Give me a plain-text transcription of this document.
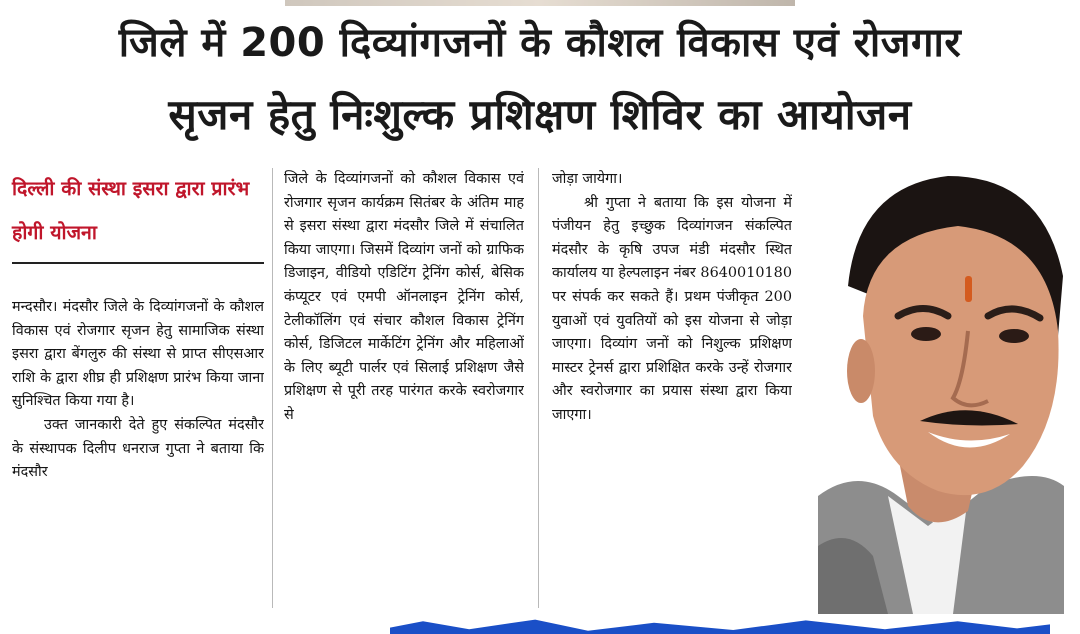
जिले में 200 दिव्यांगजनों के कौशल विकास एवं रोजगार
सृजन हेतु निःशुल्क प्रशिक्षण शिविर का आयोजन
दिल्ली की संस्था इसरा द्वारा प्रारंभ होगी योजना

मन्दसौर। मंदसौर जिले के दिव्यांगजनों के कौशल विकास एवं रोजगार सृजन हेतु सामाजिक संस्था इसरा द्वारा बेंगलुरु की संस्था से प्राप्त सीएसआर राशि के द्वारा शीघ्र ही प्रशिक्षण प्रारंभ किया जाना सुनिश्चित किया गया है।

उक्त जानकारी देते हुए संकल्पित मंदसौर के संस्थापक दिलीप धनराज गुप्ता ने बताया कि मंदसौर

जिले के दिव्यांगजनों को कौशल विकास एवं रोजगार सृजन कार्यक्रम सितंबर के अंतिम माह से इसरा संस्था द्वारा मंदसौर जिले में संचालित किया जाएगा। जिसमें दिव्यांग जनों को ग्राफिक डिजाइन, वीडियो एडिटिंग ट्रेनिंग कोर्स, बेसिक कंप्यूटर एवं एमपी ऑनलाइन ट्रेनिंग कोर्स, टेलीकॉलिंग एवं संचार कौशल विकास ट्रेनिंग कोर्स, डिजिटल मार्केटिंग ट्रेनिंग और महिलाओं के लिए ब्यूटी पार्लर एवं सिलाई प्रशिक्षण जैसे प्रशिक्षण से पूरी तरह पारंगत करके स्वरोजगार से

जोड़ा जायेगा।

श्री गुप्ता ने बताया कि इस योजना में पंजीयन हेतु इच्छुक दिव्यांगजन संकल्पित मंदसौर के कृषि उपज मंडी मंदसौर स्थित कार्यालय या हेल्पलाइन नंबर 8640010180 पर संपर्क कर सकते हैं। प्रथम पंजीकृत 200 युवाओं एवं युवतियों को इस योजना से जोड़ा जाएगा। दिव्यांग जनों को निशुल्क प्रशिक्षण मास्टर ट्रेनर्स द्वारा प्रशिक्षित करके उन्हें रोजगार और स्वरोजगार का प्रयास संस्था द्वारा किया जाएगा।
